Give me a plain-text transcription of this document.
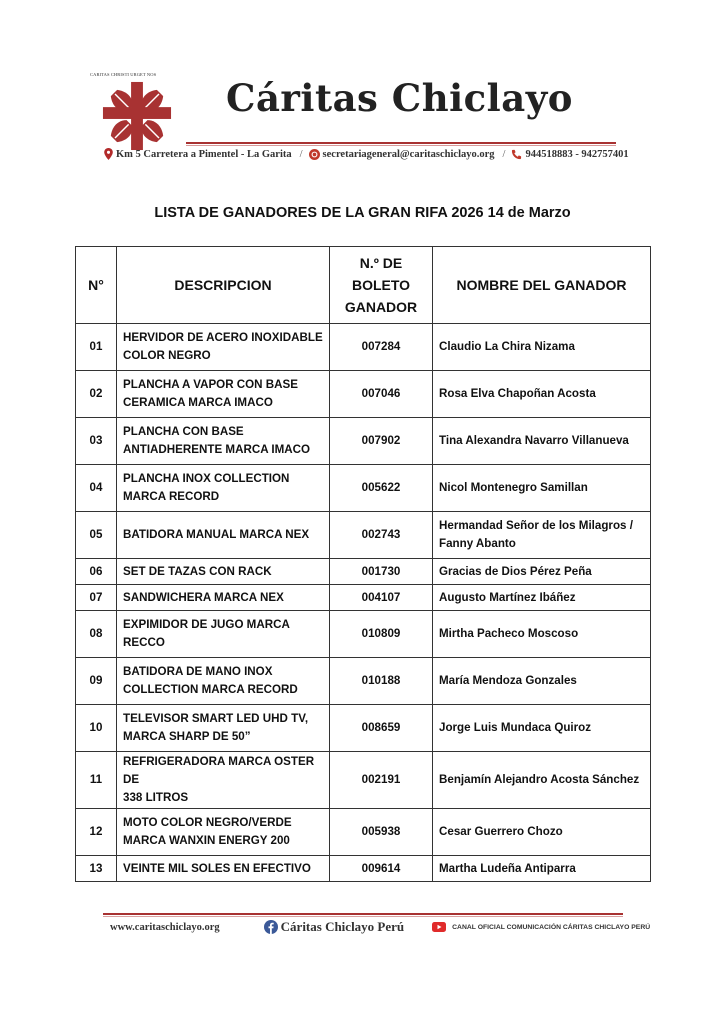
CARITAS CHRISTI URGET NOS
Cáritas Chiclayo
Km 5 Carretera a Pimentel - La Garita / secretariageneral@caritaschiclayo.org / 944518883 - 942757401
LISTA DE GANADORES DE LA GRAN RIFA 2026 14 de Marzo
N°	DESCRIPCION	N.º DE
BOLETO
GANADOR	NOMBRE DEL GANADOR

01	HERVIDOR DE ACERO INOXIDABLE
COLOR NEGRO	007284	Claudio La Chira Nizama

02	PLANCHA A VAPOR CON BASE
CERAMICA MARCA IMACO	007046	Rosa Elva Chapoñan Acosta

03	PLANCHA CON BASE
ANTIADHERENTE MARCA IMACO	007902	Tina Alexandra Navarro Villanueva

04	PLANCHA INOX COLLECTION
MARCA RECORD	005622	Nicol Montenegro Samillan

05	BATIDORA MANUAL MARCA NEX	002743	Hermandad Señor de los Milagros /
Fanny Abanto

06	SET DE TAZAS CON RACK	001730	Gracias de Dios Pérez Peña

07	SANDWICHERA MARCA NEX	004107	Augusto Martínez Ibáñez

08	EXPIMIDOR DE JUGO MARCA
RECCO	010809	Mirtha Pacheco Moscoso

09	BATIDORA DE MANO INOX
COLLECTION MARCA RECORD	010188	María Mendoza Gonzales

10	TELEVISOR SMART LED UHD TV,
MARCA SHARP DE 50”	008659	Jorge Luis Mundaca Quiroz

11	REFRIGERADORA MARCA OSTER DE
338 LITROS	002191	Benjamín Alejandro Acosta Sánchez

12	MOTO COLOR NEGRO/VERDE
MARCA WANXIN ENERGY 200	005938	Cesar Guerrero Chozo

13	VEINTE MIL SOLES EN EFECTIVO	009614	Martha Ludeña Antiparra
www.caritaschiclayo.org	Cáritas Chiclayo Perú	CANAL OFICIAL COMUNICACIÓN CÁRITAS CHICLAYO PERÚ
